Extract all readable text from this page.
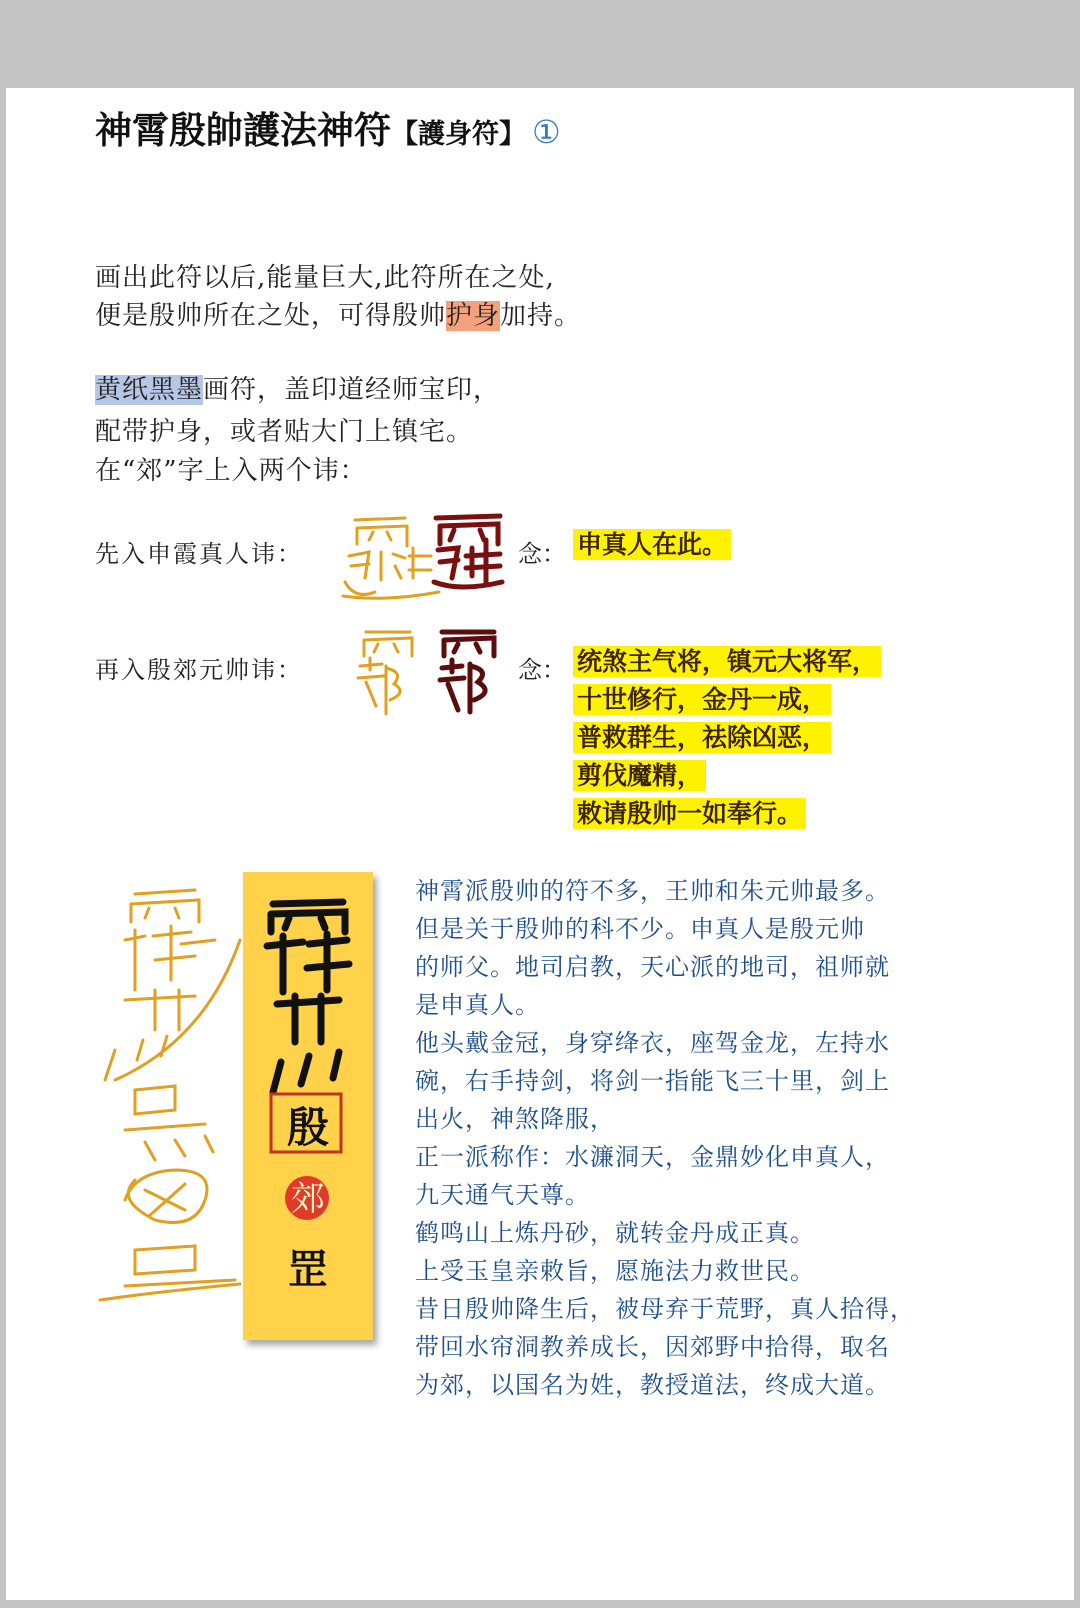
神霄殷帥護法神符【護身符】 ①
画出此符以后,能量巨大,此符所在之处,
便是殷帅所在之处，可得殷帅护身加持。
黄纸黑墨画符，盖印道经师宝印，
配带护身，或者贴大门上镇宅。
在“郊”字上入两个讳：
先入申霞真人讳：	念： 申真人在此。
再入殷郊元帅讳：	念： 统煞主气将，镇元大将军，
十世修行，金丹一成，
普救群生，祛除凶恶，
剪伐魔精，
敕请殷帅一如奉行。
殷
郊
罡
神霄派殷帅的符不多，王帅和朱元帅最多。
但是关于殷帅的科不少。申真人是殷元帅
的师父。地司启教，天心派的地司，祖师就
是申真人。
他头戴金冠，身穿绛衣，座驾金龙，左持水
碗，右手持剑，将剑一指能飞三十里，剑上
出火，神煞降服，
正一派称作：水濂洞天，金鼎妙化申真人，
九天通气天尊。
鹤鸣山上炼丹砂，就转金丹成正真。
上受玉皇亲敕旨，愿施法力救世民。
昔日殷帅降生后，被母弃于荒野，真人拾得，
带回水帘洞教养成长，因郊野中拾得，取名
为郊，以国名为姓，教授道法，终成大道。
